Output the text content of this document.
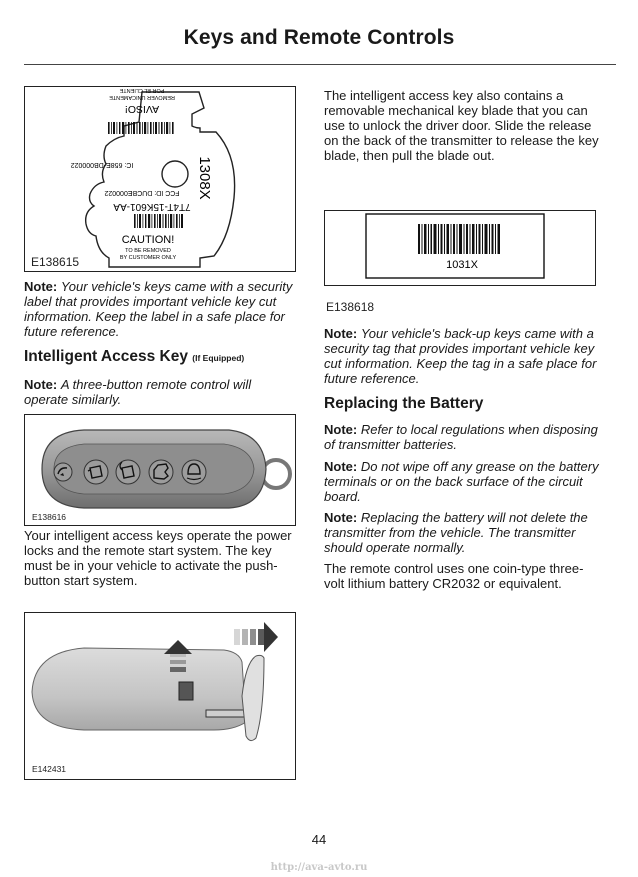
Keys and Remote Controls
AVISO!
REMOVER UNICAMENTE
POR EL CLIENTE
IC: 658E-DB000022
FCC ID: DUCBE000022
7T4T-15K601-AA
1308X
CAUTION!
TO BE REMOVED
BY CUSTOMER ONLY
E138615

Note: Your vehicle's keys came with a security label that provides important vehicle key cut information. Keep the label in a safe place for future reference.

Intelligent Access Key (If Equipped)

Note: A three-button remote control will operate similarly.

E138616

Your intelligent access keys operate the power locks and the remote start system. The key must be in your vehicle to activate the push-button start system.

E142431

The intelligent access key also contains a removable mechanical key blade that you can use to unlock the driver door. Slide the release on the back of the transmitter to release the key blade, then pull the blade out.

1031X
E138618

Note: Your vehicle's back-up keys came with a security tag that provides important vehicle key cut information. Keep the tag in a safe place for future reference.

Replacing the Battery

Note: Refer to local regulations when disposing of transmitter batteries.

Note: Do not wipe off any grease on the battery terminals or on the back surface of the circuit board.

Note: Replacing the battery will not delete the transmitter from the vehicle. The transmitter should operate normally.

The remote control uses one coin-type three-volt lithium battery CR2032 or equivalent.

44
http://ava-avto.ru
